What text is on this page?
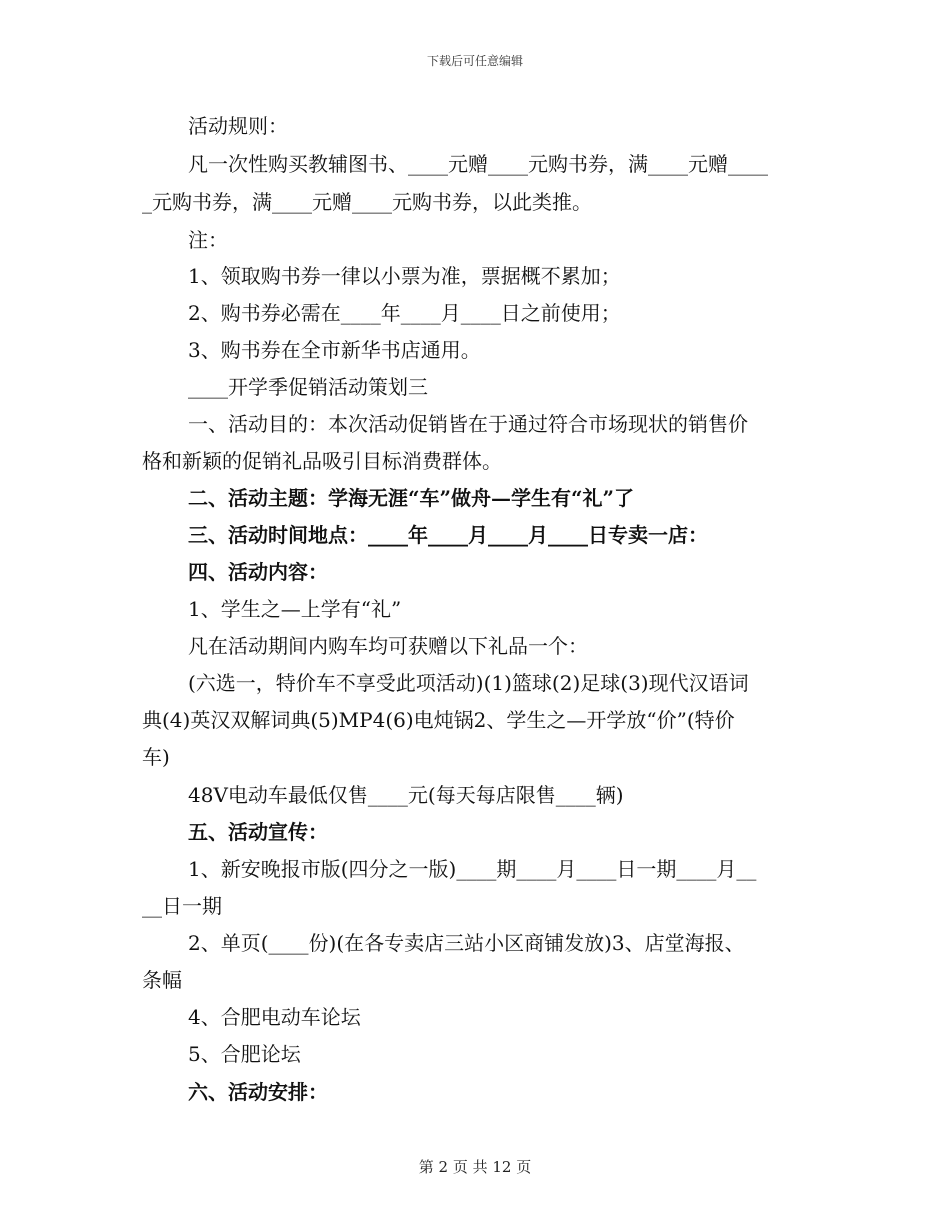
下载后可任意编辑
活动规则：
凡一次性购买教辅图书、____元赠____元购书券，满____元赠____
_元购书券，满____元赠____元购书券，以此类推。
注：
1、领取购书券一律以小票为准，票据概不累加；
2、购书券必需在____年____月____日之前使用；
3、购书券在全市新华书店通用。
____开学季促销活动策划三
一、活动目的：本次活动促销皆在于通过符合市场现状的销售价
格和新颖的促销礼品吸引目标消费群体。
二、活动主题：学海无涯“车”做舟—学生有“礼”了
三、活动时间地点：____年____月____月____日专卖一店：
四、活动内容：
1、学生之—上学有“礼”
凡在活动期间内购车均可获赠以下礼品一个：
(六选一，特价车不享受此项活动)(1)篮球(2)足球(3)现代汉语词
典(4)英汉双解词典(5)MP4(6)电炖锅2、学生之—开学放“价”(特价
车)
48V电动车最低仅售____元(每天每店限售____辆)
五、活动宣传：
1、新安晚报市版(四分之一版)____期____月____日一期____月__
__日一期
2、单页(____份)(在各专卖店三站小区商铺发放)3、店堂海报、
条幅
4、合肥电动车论坛
5、合肥论坛
六、活动安排：
第 2 页 共 12 页
